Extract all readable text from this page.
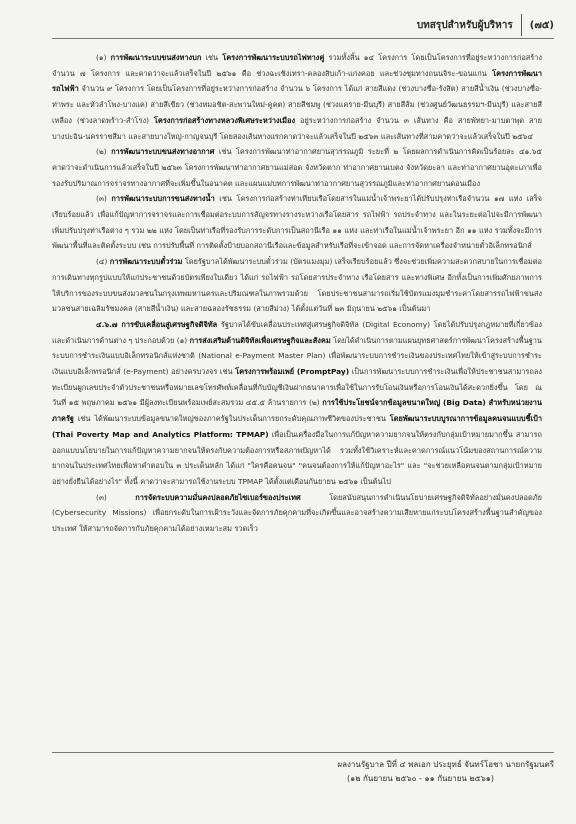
บทสรุปสำหรับผู้บริหาร (๗๕)

(๑) การพัฒนาระบบขนส่งทางบก เช่น โครงการพัฒนาระบบรถไฟทางคู่ รวมทั้งสิ้น ๑๔ โครงการ โดยเป็นโครงการที่อยู่ระหว่างการก่อสร้าง จำนวน ๗ โครงการ และคาดว่าจะแล้วเสร็จในปี ๒๕๖๑ คือ ช่วงฉะเชิงเทรา-คลองสิบเก้า-แก่งคอย และช่วงชุมทางถนนจิระ-ขอนแก่น โครงการพัฒนารถไฟฟ้า จำนวน ๙ โครงการ โดยเป็นโครงการที่อยู่ระหว่างการก่อสร้าง จำนวน ๖ โครงการ ได้แก่ สายสีแดง (ช่วงบางซื่อ-รังสิต) สายสีน้ำเงิน (ช่วงบางซื่อ-ท่าพระ และหัวลำโพง-บางแค) สายสีเขียว (ช่วงหมอชิต-สะพานใหม่-คูคต) สายสีชมพู (ช่วงแคราย-มีนบุรี) สายสีส้ม (ช่วงศูนย์วัฒนธรรมฯ-มีนบุรี) และสายสีเหลือง (ช่วงลาดพร้าว-สำโรง) โครงการก่อสร้างทางหลวงพิเศษระหว่างเมือง อยู่ระหว่างการก่อสร้าง จำนวน ๓ เส้นทาง คือ สายพัทยา-มาบตาพุด สายบางปะอิน-นครราชสีมา และสายบางใหญ่-กาญจนบุรี โดยสองเส้นทางแรกคาดว่าจะแล้วเสร็จในปี ๒๕๖๓ และเส้นทางที่สามคาดว่าจะแล้วเสร็จในปี ๒๕๖๔

(๒) การพัฒนาระบบขนส่งทางอากาศ เช่น โครงการพัฒนาท่าอากาศยานสุวรรณภูมิ ระยะที่ ๒ โดยผลการดำเนินการคิดเป็นร้อยละ ๔๑.๖๕ คาดว่าจะดำเนินการแล้วเสร็จในปี ๒๕๖๓ โครงการพัฒนาท่าอากาศยานแม่สอด จังหวัดตาก ท่าอากาศยานเบตง จังหวัดยะลา และท่าอากาศยานอุตะเภาเพื่อรองรับปริมาณการจราจรทางอากาศที่จะเพิ่มขึ้นในอนาคต และแผนแม่บทการพัฒนาท่าอากาศยานสุวรรณภูมิและท่าอากาศยานดอนเมือง

(๓) การพัฒนาระบบการขนส่งทางน้ำ เช่น โครงการก่อสร้างท่าเทียบเรือโดยสารในแม่น้ำเจ้าพระยาได้ปรับปรุงท่าเรือจำนวน ๑๗ แห่ง เสร็จเรียบร้อยแล้ว เพื่อแก้ปัญหาการจราจรและการเชื่อมต่อระบบการสัญจรทางรางระหว่างเรือโดยสาร รถไฟฟ้า รถประจำทาง และในระยะต่อไปจะมีการพัฒนาเพิ่มปรับปรุงท่าเรือต่าง ๆ รวม ๒๒ แห่ง โดยเป็นท่าเรือที่รองรับการระดับการเป็นสถานีเรือ ๑๑ แห่ง และท่าเรือในแม่น้ำเจ้าพระยา อีก ๑๑ แห่ง รวมทั้งจะมีการพัฒนาพื้นที่และติดตั้งระบบ เช่น การปรับพื้นที่ การติดตั้งป้ายบอกสถานีเรือและข้อมูลสำหรับเรือที่จะเข้าจอด และการจัดหาเครื่องจำหน่ายตั๋วอิเล็กทรอนิกส์

(๔) การพัฒนาระบบตั๋วร่วม โดยรัฐบาลได้พัฒนาระบบตั๋วร่วม (บัตรแมงมุม) เสร็จเรียบร้อยแล้ว ซึ่งจะช่วยเพิ่มความสะดวกสบายในการเชื่อมต่อการเดินทางทุกรูปแบบให้แก่ประชาชนด้วยบัตรเพียงใบเดียว ได้แก่ รถไฟฟ้า รถโดยสารประจำทาง เรือโดยสาร และทางพิเศษ อีกทั้งเป็นการเพิ่มศักยภาพการให้บริการของระบบขนส่งมวลชนในกรุงเทพมหานครและปริมณฑลในภาพรวมด้วย โดยประชาชนสามารถเริ่มใช้บัตรแมงมุมชำระค่าโดยสารรถไฟฟ้าขนส่งมวลชนสายเฉลิมรัชมงคล (สายสีน้ำเงิน) และสายฉลองรัชธรรม (สายสีม่วง) ได้ตั้งแต่วันที่ ๒๓ มิถุนายน ๒๕๖๑ เป็นต้นมา

๔.๖.๗ การขับเคลื่อนสู่เศรษฐกิจดิจิทัล รัฐบาลได้ขับเคลื่อนประเทศสู่เศรษฐกิจดิจิทัล (Digital Economy) โดยได้ปรับปรุงกฎหมายที่เกี่ยวข้อง และดำเนินการด้านต่าง ๆ ประกอบด้วย (๑) การส่งเสริมด้านดิจิทัลเพื่อเศรษฐกิจและสังคม โดยได้ดำเนินการตามแผนยุทธศาสตร์การพัฒนาโครงสร้างพื้นฐานระบบการชำระเงินแบบอิเล็กทรอนิกส์แห่งชาติ (National e-Payment Master Plan) เพื่อพัฒนาระบบการชำระเงินของประเทศไทยให้เข้าสู่ระบบการชำระเงินแบบอิเล็กทรอนิกส์ (e-Payment) อย่างครบวงจร เช่น โครงการพร้อมเพย์ (PromptPay) เป็นการพัฒนาระบบการชำระเงินเพื่อให้ประชาชนสามารถลงทะเบียนผูกเลขประจำตัวประชาชนหรือหมายเลขโทรศัพท์เคลื่อนที่กับบัญชีเงินฝากธนาคารเพื่อใช้ในการรับโอนเงินหรือการโอนเงินได้สะดวกยิ่งขึ้น โดย ณ วันที่ ๑๕ พฤษภาคม ๒๕๖๑ มีผู้ลงทะเบียนพร้อมเพย์สะสมรวม ๔๕.๕ ล้านรายการ (๒) การใช้ประโยชน์จากข้อมูลขนาดใหญ่ (Big Data) สำหรับหน่วยงานภาครัฐ เช่น ได้พัฒนาระบบข้อมูลขนาดใหญ่ของภาครัฐในประเด็นการยกระดับคุณภาพชีวิตของประชาชน โดยพัฒนาระบบบูรณาการข้อมูลคนจนแบบชี้เป้า (Thai Poverty Map and Analytics Platform: TPMAP) เพื่อเป็นเครื่องมือในการแก้ปัญหาความยากจนให้ตรงกับกลุ่มเป้าหมายมากขึ้น สามารถออกแบบนโยบายในการแก้ปัญหาความยากจนให้ตรงกับความต้องการหรือสภาพปัญหาได้ รวมทั้งใช้วิเคราะห์และคาดการณ์แนวโน้มของสถานการณ์ความยากจนในประเทศไทยเพื่อหาคำตอบใน ๓ ประเด็นหลัก ได้แก่ "ใครคือคนจน" "คนจนต้องการให้แก้ปัญหาอะไร" และ "จะช่วยเหลือคนจนตามกลุ่มเป้าหมายอย่างยั่งยืนได้อย่างไร" ทั้งนี้ คาดว่าจะสามารถใช้งานระบบ TPMAP ได้ตั้งแต่เดือนกันยายน ๒๕๖๑ เป็นต้นไป

(๓) การจัดระบบความมั่นคงปลอดภัยไซเบอร์ของประเทศ โดยสนับสนุนการดำเนินนโยบายเศรษฐกิจดิจิทัลอย่างมั่นคงปลอดภัย (Cybersecurity Missions) เพื่อยกระดับในการเฝ้าระวังและจัดการภัยคุกคามที่จะเกิดขึ้นและอาจสร้างความเสียหายแก่ระบบโครงสร้างพื้นฐานสำคัญของประเทศ ให้สามารถจัดการกับภัยคุกคามได้อย่างเหมาะสม รวดเร็ว

ผลงานรัฐบาล ปีที่ ๔ พลเอก ประยุทธ์ จันทร์โอชา นายกรัฐมนตรี
(๑๒ กันยายน ๒๕๖๐ - ๑๑ กันยายน ๒๕๖๑)
